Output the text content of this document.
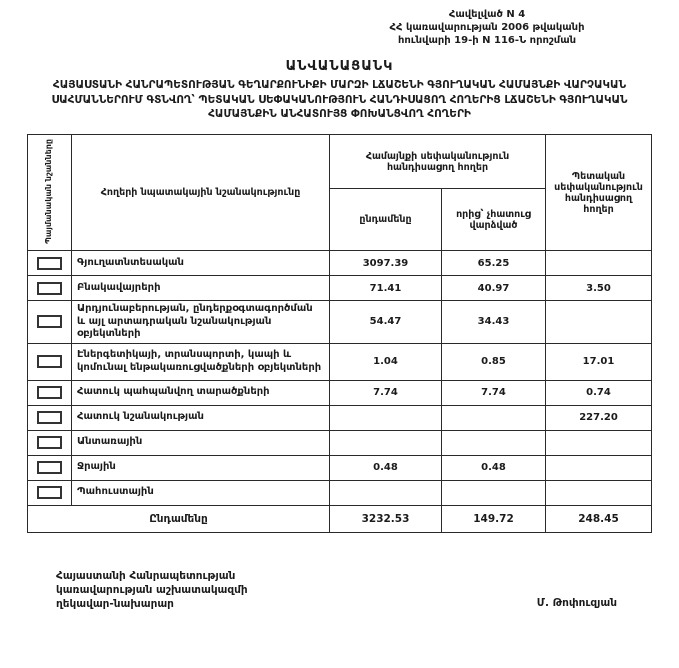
Հավելված N 4
ՀՀ կառավարության 2006 թվականի
հունվարի 19-ի N 116-Ն որոշման
ԱՆՎԱՆԱՑԱՆԿ
ՀԱՅԱՍՏԱՆԻ ՀԱՆՐԱՊԵՏՈՒԹՅԱՆ ԳԵՂԱՐՔՈՒՆԻՔԻ ՄԱՐԶԻ ԼՃԱՇԵՆԻ ԳՅՈՒՂԱԿԱՆ ՀԱՄԱՅՆՔԻ ՎԱՐՉԱԿԱՆ ՍԱՀՄԱՆՆԵՐՈՒՄ ԳՏՆՎՈՂ՝ ՊԵՏԱԿԱՆ ՍԵՓԱԿԱՆՈՒԹՅՈՒՆ ՀԱՆԴԻՍԱՑՈՂ ՀՈՂԵՐԻՑ ԼՃԱՇԵՆԻ ԳՅՈՒՂԱԿԱՆ ՀԱՄԱՅՆՔԻՆ ԱՆՀԱՏՈՒՅՑ ՓՈԽԱՆՑՎՈՂ ՀՈՂԵՐԻ
Պայմանական նշանները	Հողերի նպատակային նշանակությունը	Համայնքի սեփականություն հանդիսացող հողեր		Պետական սեփականություն հանդիսացող հողեր
		ընդամենը	որից՝ չհատուց վարձված	

	Գյուղատնտեսական	3097.39	65.25	

	Բնակավայրերի	71.41	40.97	3.50

	Արդյունաբերության, ընդերքօգտագործման և այլ արտադրական նշանակության օբյեկտների	54.47	34.43	

	Էներգետիկայի, տրանսպորտի, կապի և կոմունալ ենթակառուցվածքների օբյեկտների	1.04	0.85	17.01

	Հատուկ պահպանվող տարածքների	7.74	7.74	0.74

	Հատուկ նշանակության			227.20

	Անտառային			

	Ջրային	0.48	0.48	

	Պահուստային			
Ընդամենը		3232.53	149.72	248.45
Հայաստանի Հանրապետության
կառավարության աշխատակազմի
ղեկավար-նախարար	Մ. Թոփուզյան
